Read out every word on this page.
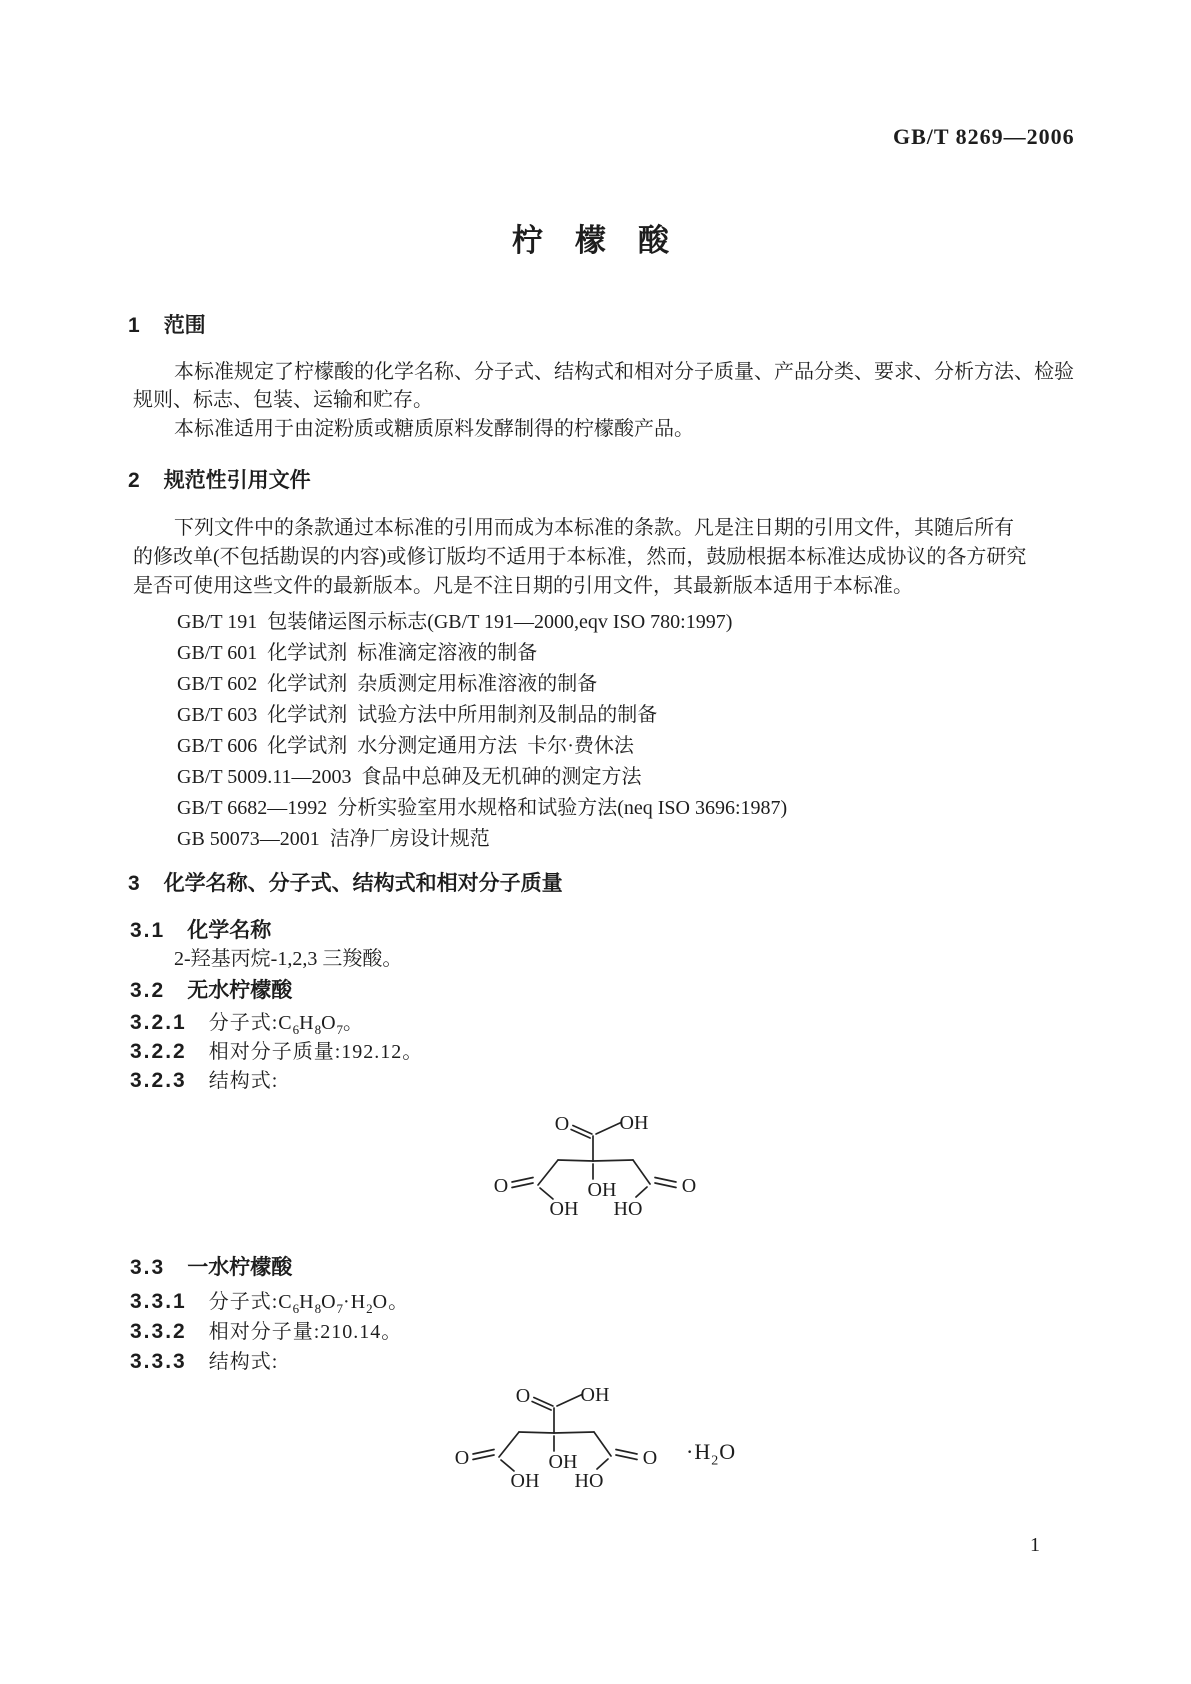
GB/T 8269—2006
柠檬酸
1 范围
本标准规定了柠檬酸的化学名称、分子式、结构式和相对分子质量、产品分类、要求、分析方法、检验
规则、标志、包装、运输和贮存。
本标准适用于由淀粉质或糖质原料发酵制得的柠檬酸产品。
2 规范性引用文件
下列文件中的条款通过本标准的引用而成为本标准的条款。凡是注日期的引用文件，其随后所有
的修改单(不包括勘误的内容)或修订版均不适用于本标准，然而，鼓励根据本标准达成协议的各方研究
是否可使用这些文件的最新版本。凡是不注日期的引用文件，其最新版本适用于本标准。
GB/T 191  包装储运图示标志(GB/T 191—2000,eqv ISO 780:1997)
GB/T 601  化学试剂  标准滴定溶液的制备
GB/T 602  化学试剂  杂质测定用标准溶液的制备
GB/T 603  化学试剂  试验方法中所用制剂及制品的制备
GB/T 606  化学试剂  水分测定通用方法  卡尔·费休法
GB/T 5009.11—2003  食品中总砷及无机砷的测定方法
GB/T 6682—1992  分析实验室用水规格和试验方法(neq ISO 3696:1987)
GB 50073—2001  洁净厂房设计规范
3 化学名称、分子式、结构式和相对分子质量
3.1 化学名称
2-羟基丙烷-1,2,3 三羧酸。
3.2 无水柠檬酸
3.2.1 分子式$:C_6H_8O_7$。
3.2.2 相对分子质量:192.12。
3.2.3 结构式:
O	OH
OH
O
OH HO
O
3.3 一水柠檬酸
3.3.1 分子式$:C_6H_8O_7\cdot H_2O$。
3.3.2 相对分子量:210.14。
3.3.3 结构式:
O	OH
OH
O
OH HO
$O \cdot H_2O$
1
